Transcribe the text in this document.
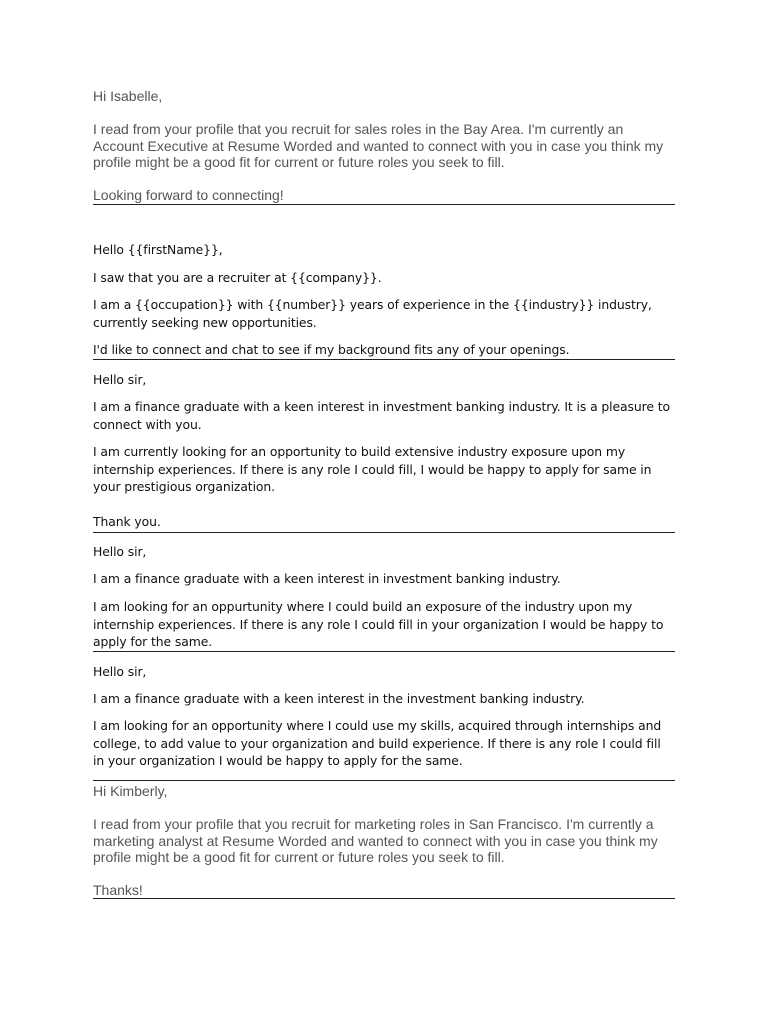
Hi Isabelle,

I read from your profile that you recruit for sales roles in the Bay Area. I'm currently an Account Executive at Resume Worded and wanted to connect with you in case you think my profile might be a good fit for current or future roles you seek to fill.

Looking forward to connecting!

Hello {{firstName}},

I saw that you are a recruiter at {{company}}.

I am a {{occupation}} with {{number}} years of experience in the {{industry}} industry, currently seeking new opportunities.

I'd like to connect and chat to see if my background fits any of your openings.

Hello sir,

I am a finance graduate with a keen interest in investment banking industry. It is a pleasure to connect with you.

I am currently looking for an opportunity to build extensive industry exposure upon my internship experiences. If there is any role I could fill, I would be happy to apply for same in your prestigious organization.

Thank you.

Hello sir,

I am a finance graduate with a keen interest in investment banking industry.

I am looking for an oppurtunity where I could build an exposure of the industry upon my internship experiences. If there is any role I could fill in your organization I would be happy to apply for the same.

Hello sir,

I am a finance graduate with a keen interest in the investment banking industry.

I am looking for an opportunity where I could use my skills, acquired through internships and college, to add value to your organization and build experience. If there is any role I could fill in your organization I would be happy to apply for the same.

Hi Kimberly,

I read from your profile that you recruit for marketing roles in San Francisco. I'm currently a marketing analyst at Resume Worded and wanted to connect with you in case you think my profile might be a good fit for current or future roles you seek to fill.

Thanks!
